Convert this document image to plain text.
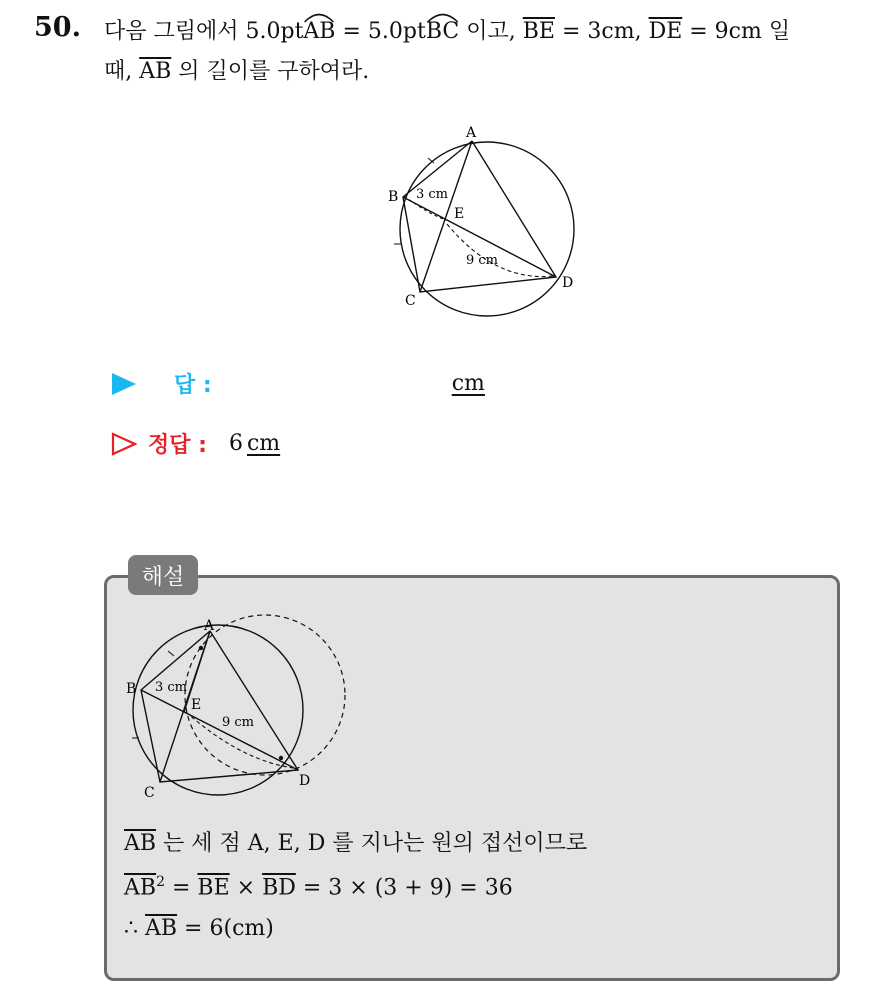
50. 다음 그림에서 5.0pt
AB = 5.0pt
BC 이고, $\overline{BE} = 3cm$, $\overline{DE} = 9cm$ 일
때, $\overline{AB}$ 의 길이를 구하여라.
A
B
C
D
E
3 cm
9 cm
답 :	cm
정답 : 6 cm
해설
A
B
C
D
E
3 cm
9 cm
$\overline{AB}$ 는 세 점 A, E, D 를 지나는 원의 접선이므로
$\overline{AB}^2 = \overline{BE} \times \overline{BD} = 3 \times (3 + 9) = 36$
∴ $\overline{AB} = 6(cm)$
